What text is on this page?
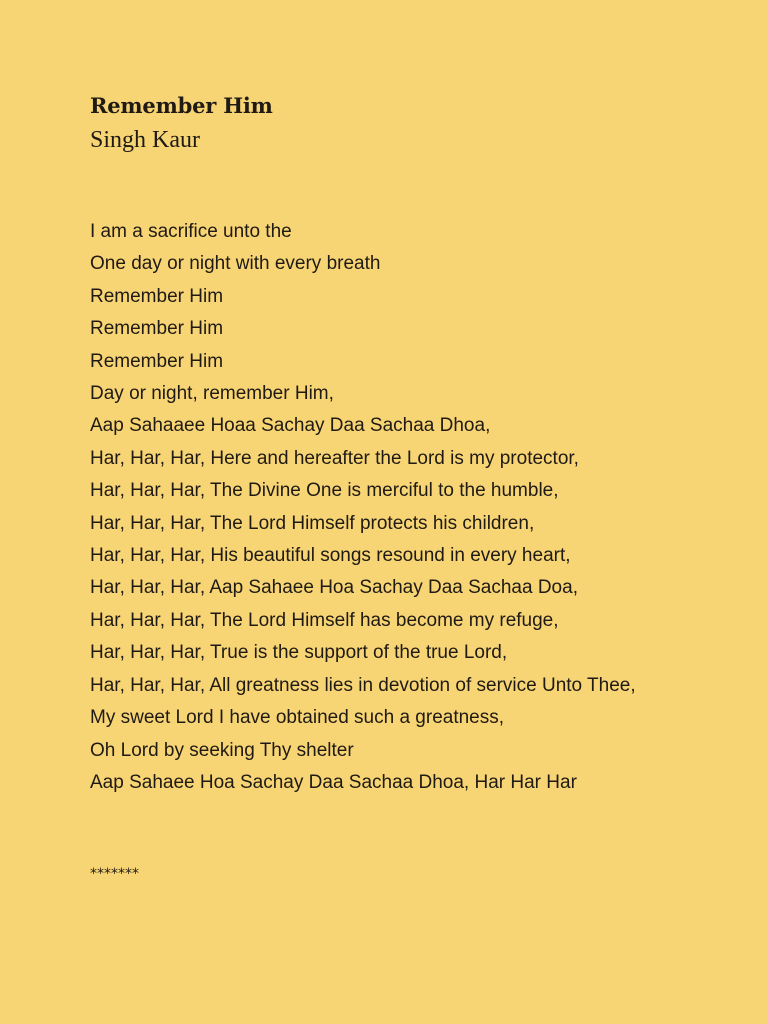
Remember Him
Singh Kaur
I am a sacrifice unto the
One day or night with every breath
Remember Him
Remember Him
Remember Him
Day or night, remember Him,
Aap Sahaaee Hoaa Sachay Daa Sachaa Dhoa,
Har, Har, Har, Here and hereafter the Lord is my protector,
Har, Har, Har, The Divine One is merciful to the humble,
Har, Har, Har, The Lord Himself protects his children,
Har, Har, Har, His beautiful songs resound in every heart,
Har, Har, Har, Aap Sahaee Hoa Sachay Daa Sachaa Doa,
Har, Har, Har, The Lord Himself has become my refuge,
Har, Har, Har, True is the support of the true Lord,
Har, Har, Har, All greatness lies in devotion of service Unto Thee,
My sweet Lord I have obtained such a greatness,
Oh Lord by seeking Thy shelter
Aap Sahaee Hoa Sachay Daa Sachaa Dhoa, Har Har Har
*******
